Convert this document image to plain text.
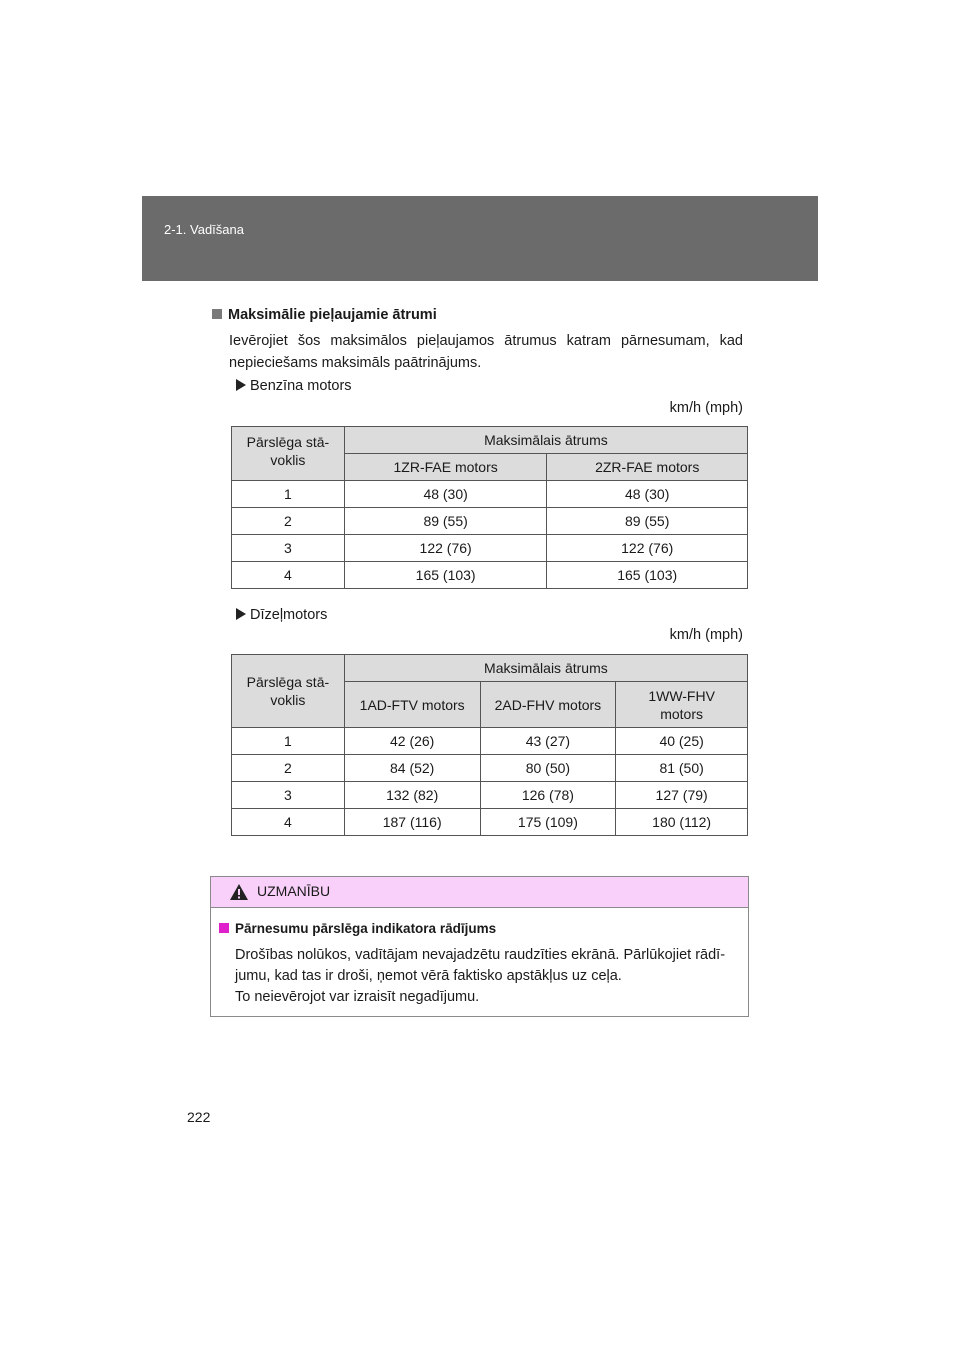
2-1. Vadīšana
Maksimālie pieļaujamie ātrumi
Ievērojiet šos maksimālos pieļaujamos ātrumus katram pārnesumam, kad nepieciešams maksimāls paātrinājums.
Benzīna motors
km/h (mph)
Pārslēga stā-
voklis	Maksimālais ātrums	
	1ZR-FAE motors	2ZR-FAE motors
1	48 (30)	48 (30)
2	89 (55)	89 (55)
3	122 (76)	122 (76)
4	165 (103)	165 (103)
Dīzeļmotors
km/h (mph)
Pārslēga stā-
voklis	Maksimālais ātrums		
	1AD-FTV motors	2AD-FHV motors	1WW-FHV
motors
1	42 (26)	43 (27)	40 (25)
2	84 (52)	80 (50)	81 (50)
3	132 (82)	126 (78)	127 (79)
4	187 (116)	175 (109)	180 (112)
UZMANĪBU
Pārnesumu pārslēga indikatora rādījums
Drošības nolūkos, vadītājam nevajadzētu raudzīties ekrānā. Pārlūkojiet rādī-
jumu, kad tas ir droši, ņemot vērā faktisko apstākļus uz ceļa.
To neievērojot var izraisīt negadījumu.
222
